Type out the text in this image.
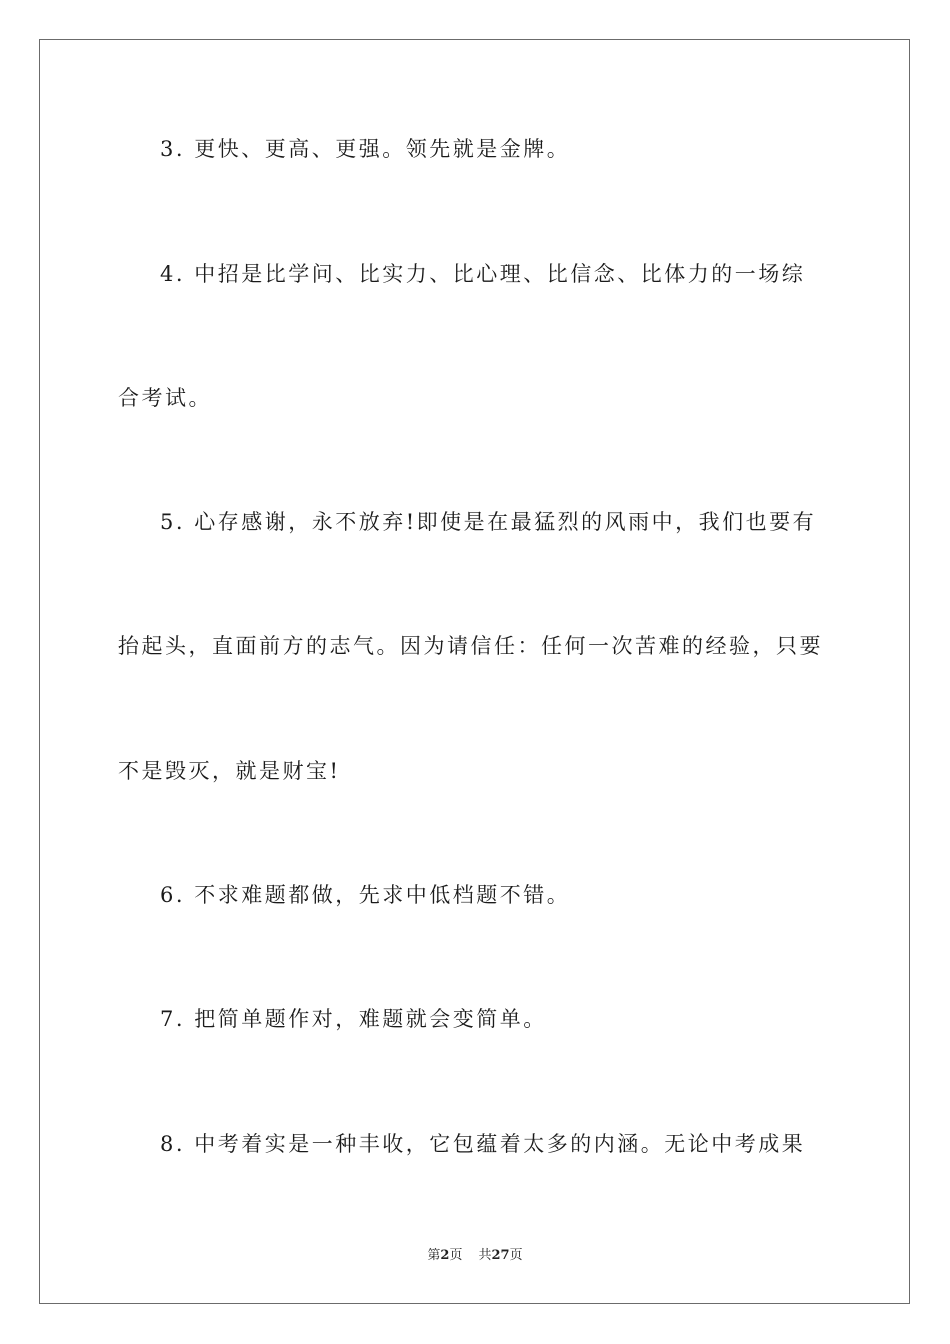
3. 更快、更高、更强。领先就是金牌。
4. 中招是比学问、比实力、比心理、比信念、比体力的一场综
合考试。
5. 心存感谢，永不放弃!即使是在最猛烈的风雨中，我们也要有
抬起头，直面前方的志气。因为请信任：任何一次苦难的经验，只要
不是毁灭，就是财宝!
6. 不求难题都做，先求中低档题不错。
7. 把简单题作对，难题就会变简单。
8. 中考着实是一种丰收，它包蕴着太多的内涵。无论中考成果
第2页 共27页
